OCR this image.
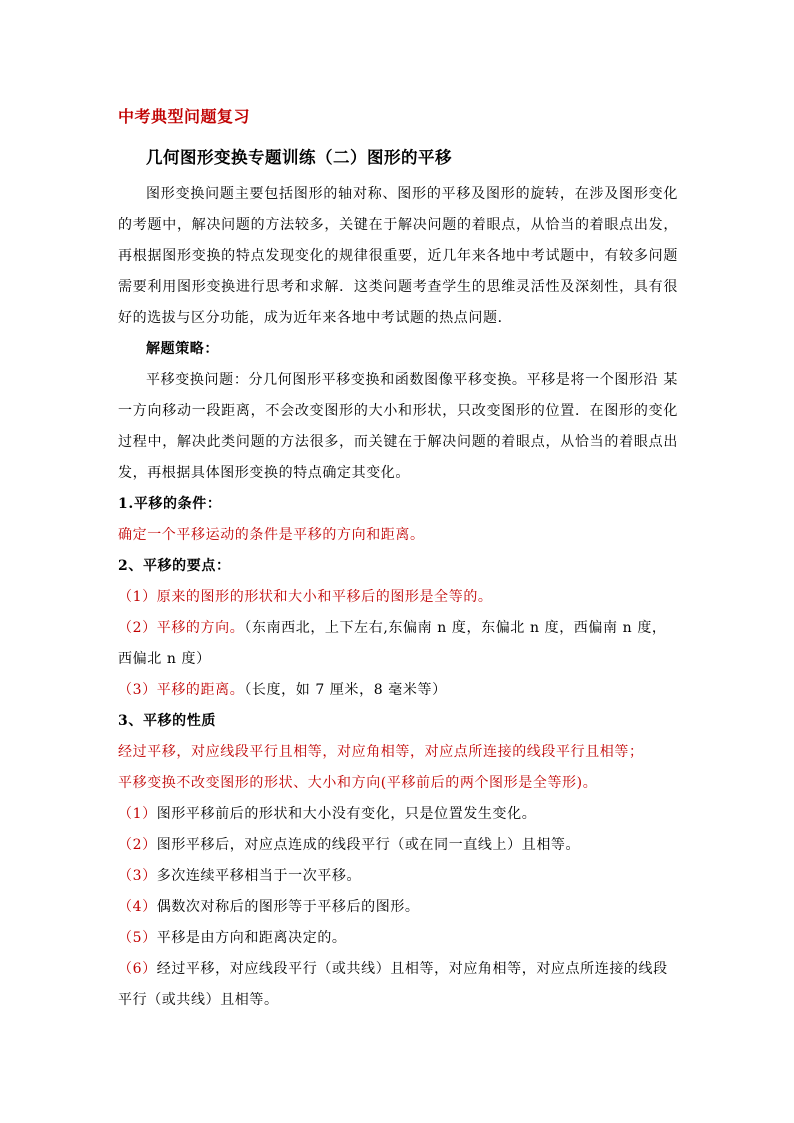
中考典型问题复习
几何图形变换专题训练（二）图形的平移

图形变换问题主要包括图形的轴对称、图形的平移及图形的旋转，在涉及图形变化的考题中，解决问题的方法较多，关键在于解决问题的着眼点，从恰当的着眼点出发，再根据图形变换的特点发现变化的规律很重要，近几年来各地中考试题中，有较多问题需要利用图形变换进行思考和求解．这类问题考查学生的思维灵活性及深刻性，具有很好的选拔与区分功能，成为近年来各地中考试题的热点问题．

解题策略：

平移变换问题：分几何图形平移变换和函数图像平移变换。平移是将一个图形沿 某一方向移动一段距离，不会改变图形的大小和形状，只改变图形的位置．在图形的变化过程中，解决此类问题的方法很多，而关键在于解决问题的着眼点，从恰当的着眼点出发，再根据具体图形变换的特点确定其变化。

1.平移的条件：

确定一个平移运动的条件是平移的方向和距离。

2、平移的要点：

（1）原来的图形的形状和大小和平移后的图形是全等的。

（2）平移的方向。（东南西北，上下左右,东偏南 n 度，东偏北 n 度，西偏南 n 度，西偏北 n 度）

（3）平移的距离。（长度，如 7 厘米，8 毫米等）

3、平移的性质

经过平移，对应线段平行且相等，对应角相等，对应点所连接的线段平行且相等；

平移变换不改变图形的形状、大小和方向(平移前后的两个图形是全等形)。

（1）图形平移前后的形状和大小没有变化，只是位置发生变化。

（2）图形平移后，对应点连成的线段平行（或在同一直线上）且相等。

（3）多次连续平移相当于一次平移。

（4）偶数次对称后的图形等于平移后的图形。

（5）平移是由方向和距离决定的。

（6）经过平移，对应线段平行（或共线）且相等，对应角相等，对应点所连接的线段平行（或共线）且相等。
